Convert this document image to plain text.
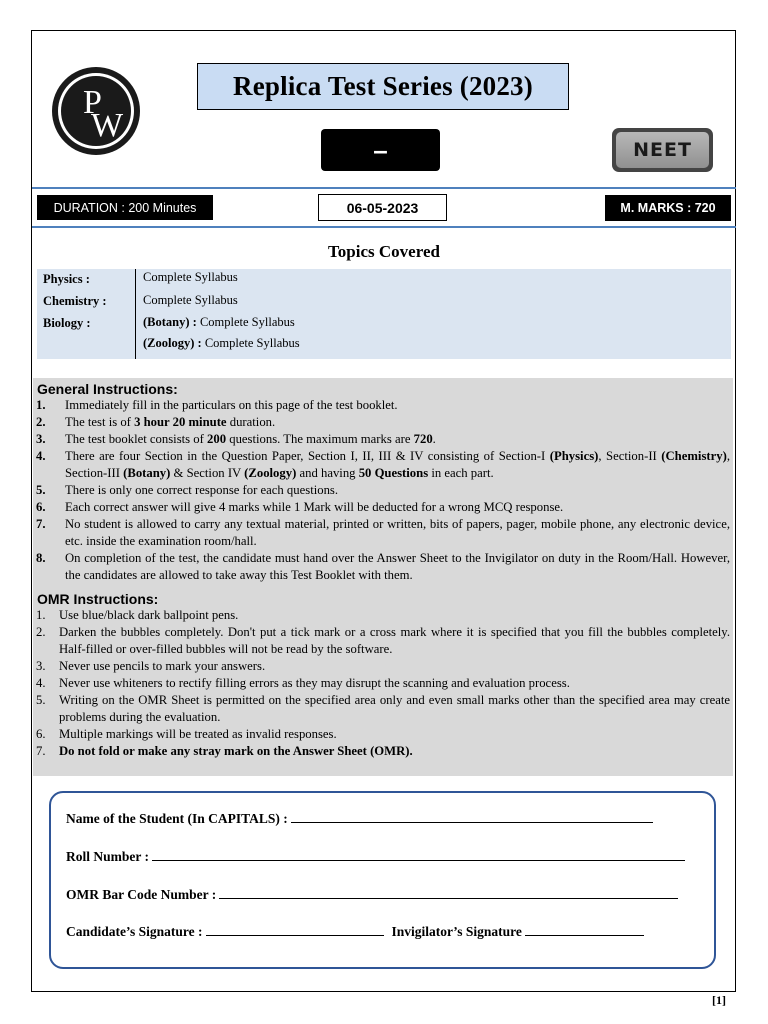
P
W
Replica Test Series (2023)
–	NEET
DURATION : 200 Minutes	06-05-2023	M. MARKS : 720
Topics Covered
Physics :	Complete Syllabus
Chemistry :	Complete Syllabus
Biology :	(Botany) : Complete Syllabus
(Zoology) : Complete Syllabus
General Instructions:
1. Immediately fill in the particulars on this page of the test booklet.
2. The test is of 3 hour 20 minute duration.
3. The test booklet consists of 200 questions. The maximum marks are 720.
4. There are four Section in the Question Paper, Section I, II, III & IV consisting of Section-I (Physics), Section-II (Chemistry), Section-III (Botany) & Section IV (Zoology) and having 50 Questions in each part.
5. There is only one correct response for each questions.
6. Each correct answer will give 4 marks while 1 Mark will be deducted for a wrong MCQ response.
7. No student is allowed to carry any textual material, printed or written, bits of papers, pager, mobile phone, any electronic device, etc. inside the examination room/hall.
8. On completion of the test, the candidate must hand over the Answer Sheet to the Invigilator on duty in the Room/Hall. However, the candidates are allowed to take away this Test Booklet with them.
OMR Instructions:
1. Use blue/black dark ballpoint pens.
2. Darken the bubbles completely. Don't put a tick mark or a cross mark where it is specified that you fill the bubbles completely. Half-filled or over-filled bubbles will not be read by the software.
3. Never use pencils to mark your answers.
4. Never use whiteners to rectify filling errors as they may disrupt the scanning and evaluation process.
5. Writing on the OMR Sheet is permitted on the specified area only and even small marks other than the specified area may create problems during the evaluation.
6. Multiple markings will be treated as invalid responses.
7. Do not fold or make any stray mark on the Answer Sheet (OMR).
Name of the Student (In CAPITALS) :
Roll Number :
OMR Bar Code Number :
Candidate’s Signature :	Invigilator’s Signature
[1]
